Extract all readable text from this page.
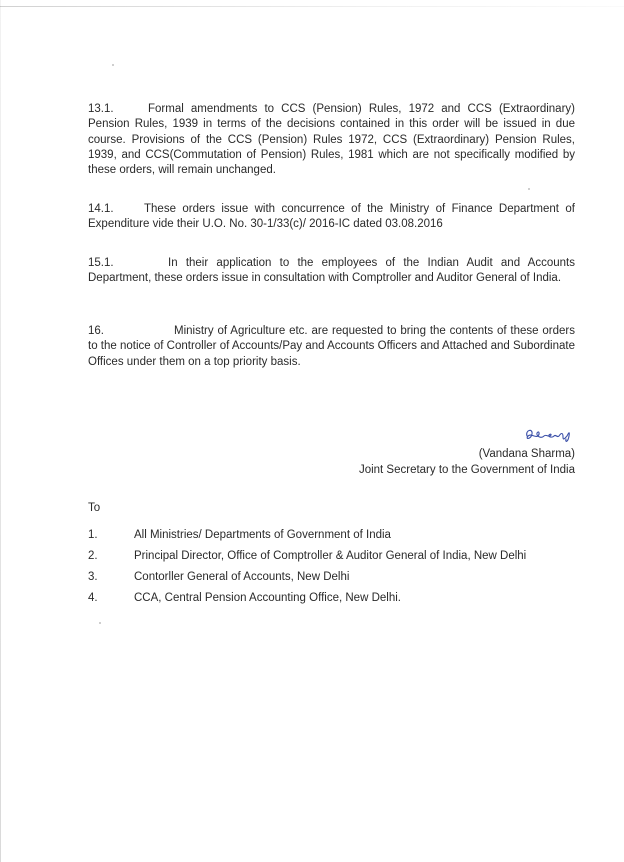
13.1.	Formal amendments to CCS (Pension) Rules, 1972 and CCS (Extraordinary) Pension Rules, 1939 in terms of the decisions contained in this order will be issued in due course. Provisions of the CCS (Pension) Rules 1972, CCS (Extraordinary) Pension Rules, 1939, and CCS(Commutation of Pension) Rules, 1981 which are not specifically modified by these orders, will remain unchanged.

14.1.	These orders issue with concurrence of the Ministry of Finance Department of Expenditure vide their U.O. No. 30-1/33(c)/ 2016-IC dated 03.08.2016

15.1.	In their application to the employees of the Indian Audit and Accounts Department, these orders issue in consultation with Comptroller and Auditor General of India.

16.	Ministry of Agriculture etc. are requested to bring the contents of these orders to the notice of Controller of Accounts/Pay and Accounts Officers and Attached and Subordinate Offices under them on a top priority basis.

(Vandana Sharma)
Joint Secretary to the Government of India
To
1.	All Ministries/ Departments of Government of India
2.	Principal Director, Office of Comptroller & Auditor General of India, New Delhi
3.	Contorller General of Accounts, New Delhi
4.	CCA, Central Pension Accounting Office, New Delhi.
